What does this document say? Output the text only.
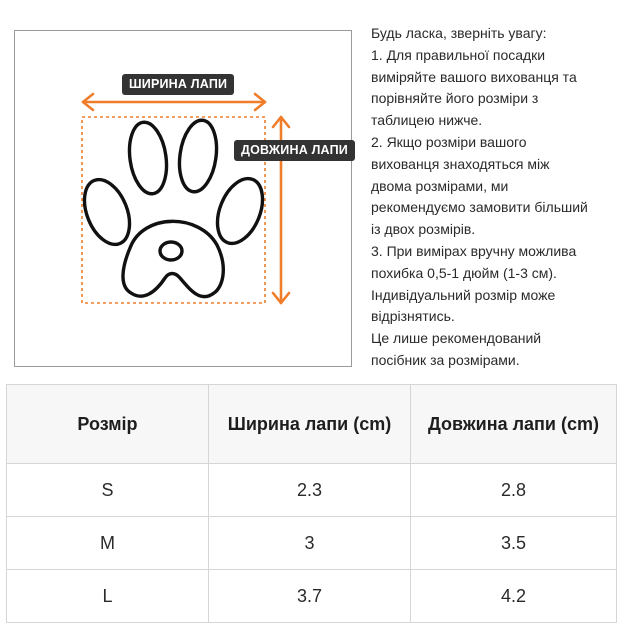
ШИРИНА ЛАПИ
ДОВЖИНА ЛАПИ
Будь ласка, зверніть увагу:
1. Для правильної посадки
виміряйте вашого вихованця та
порівняйте його розміри з
таблицею нижче.
2. Якщо розміри вашого
вихованця знаходяться між
двома розмірами, ми
рекомендуємо замовити більший
із двох розмірів.
3. При вимірах вручну можлива
похибка 0,5-1 дюйм (1-3 см).
Індивідуальний розмір може
відрізнятись.
Це лише рекомендований
посібник за розмірами.
Розмір	Ширина лапи (cm)	Довжина лапи (cm)
S	2.3	2.8
M	3	3.5
L	3.7	4.2
